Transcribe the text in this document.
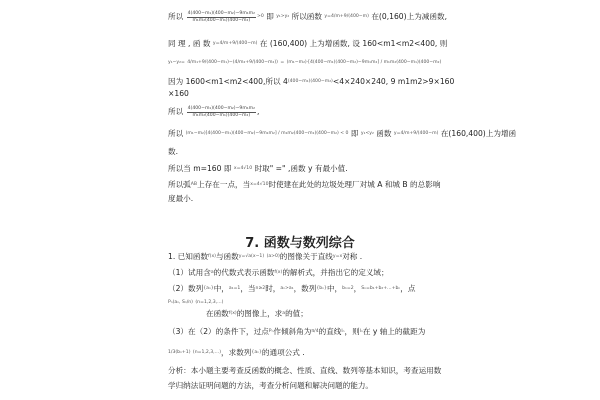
所以 $\frac{\text{4(400−m₁)(400−m₂)−9m₁m₂}}{\text{m₁m₂(400−m₁)(400−m₂)}} >0$ 即 y₁>y₂ 所以函数 y=4/m+9/(400−m) 在(0,160)上为减函数,
同 理 , 函 数 y=4/m+9/(400−m) 在 (160,400) 上为增函数, 设 160<m1<m2<400, 则
y₁−y₂= 4/m₁+9/(400−m₁)−(4/m₂+9/(400−m₂)) = (m₁−m₂)·[4(400−m₁)(400−m₂)−9m₁m₂] / m₁m₂(400−m₁)(400−m₂)
因为 1600<m1<m2<400,所以 4(400−m₁)(400−m₂)<4×240×240, 9 m1m2>9×160
×160
所以 $\frac{\text{4(400−m₁)(400−m₂)−9m₁m₂}}{\text{m₁m₂(400−m₁)(400−m₂)}}$ ,
所以 (m₁−m₂)[4(400−m₁)(400−m₂)−9m₁m₂] / m₁m₂(400−m₁)(400−m₂) < 0 即 y₁<y₂ 函数 y=4/m+9/(400−m) 在(160,400)上为增函
数.
所以当 m=160 即 x=4√10 时取" =" ,函数 y 有最小值.
所以弧AB上存在一点，当x=4√10时使建在此处的垃圾处理厂对城 A 和城 B 的总影响
度最小.
7. 函数与数列综合
1. 已知函数f(x)与函数y=√a(x−1) (a>0)的图像关于直线y=x对称 .
（1）试用含a的代数式表示函数f(x)的解析式，并指出它的定义域；
（2）数列{aₙ}中，a₁=1，当n≥2时，aₙ>a₁，数列{bₙ}中，b₁=2，Sₙ=b₁+b₂+…+bₙ，点
Pₙ(aₙ, Sₙ/n) (n=1,2,3,…)
在函数f(x)的图像上，求a的值；
（3）在（2）的条件下，过点Pₙ作倾斜角为π/4的直线lₙ，则lₙ在 y 轴上的截距为
1/3(bₙ+1) (n=1,2,3,…)，求数列{aₙ}的通项公式 .
分析：本小题主要考查反函数的概念、性质、直线、数列等基本知识，考查运用数
学归纳法证明问题的方法，考查分析问题和解决问题的能力。
